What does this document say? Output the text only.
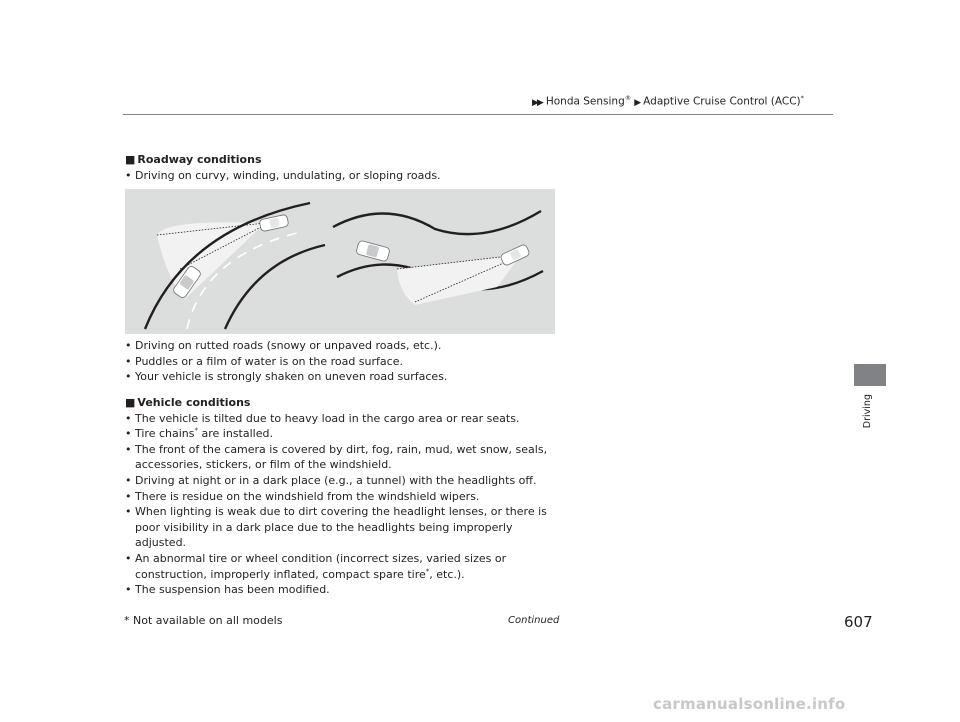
▶▶ Honda Sensing® ▶ Adaptive Cruise Control (ACC)*
Driving

■ Roadway conditions

• Driving on curvy, winding, undulating, or sloping roads.
• Driving on rutted roads (snowy or unpaved roads, etc.).
• Puddles or a film of water is on the road surface.
• Your vehicle is strongly shaken on uneven road surfaces.

■ Vehicle conditions

• The vehicle is tilted due to heavy load in the cargo area or rear seats.
• Tire chains* are installed.
• The front of the camera is covered by dirt, fog, rain, mud, wet snow, seals, accessories, stickers, or film of the windshield.
• Driving at night or in a dark place (e.g., a tunnel) with the headlights off.
• There is residue on the windshield from the windshield wipers.
• When lighting is weak due to dirt covering the headlight lenses, or there is poor visibility in a dark place due to the headlights being improperly adjusted.
• An abnormal tire or wheel condition (incorrect sizes, varied sizes or construction, improperly inflated, compact spare tire*, etc.).
• The suspension has been modified.
* Not available on all models	Continued	607
carmanualsonline.info
